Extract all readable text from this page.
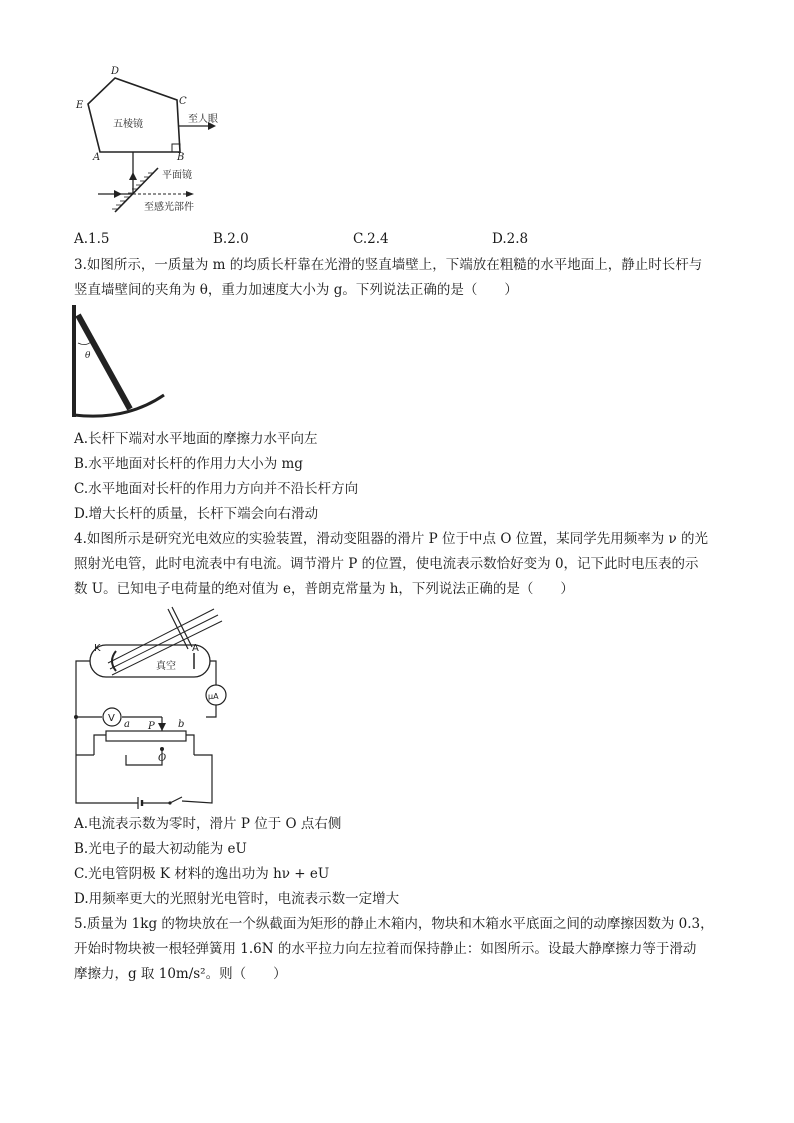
D
C
E
A	B
五棱镜	至人眼
平面镜
至感光部件
A.1.5	B.2.0	C.2.4	D.2.8
3.如图所示，一质量为 m 的均质长杆靠在光滑的竖直墙壁上，下端放在粗糙的水平地面上，静止时长杆与
竖直墙壁间的夹角为 θ，重力加速度大小为 g。下列说法正确的是（　　）
θ
A.长杆下端对水平地面的摩擦力水平向左
B.水平地面对长杆的作用力大小为 mg
C.水平地面对长杆的作用力方向并不沿长杆方向
D.增大长杆的质量，长杆下端会向右滑动
4.如图所示是研究光电效应的实验装置，滑动变阻器的滑片 P 位于中点 O 位置，某同学先用频率为 ν 的光
照射光电管，此时电流表中有电流。调节滑片 P 的位置，使电流表示数恰好变为 0，记下此时电压表的示
数 U。已知电子电荷量的绝对值为 e，普朗克常量为 h，下列说法正确的是（　　）
K	A
真空
V
μA
a P b
O
A.电流表示数为零时，滑片 P 位于 O 点右侧
B.光电子的最大初动能为 eU
C.光电管阴极 K 材料的逸出功为 hν + eU
D.用频率更大的光照射光电管时，电流表示数一定增大
5.质量为 1kg 的物块放在一个纵截面为矩形的静止木箱内，物块和木箱水平底面之间的动摩擦因数为 0.3，
开始时物块被一根轻弹簧用 1.6N 的水平拉力向左拉着而保持静止：如图所示。设最大静摩擦力等于滑动
摩擦力，g 取 10m/s²。则（　　）
